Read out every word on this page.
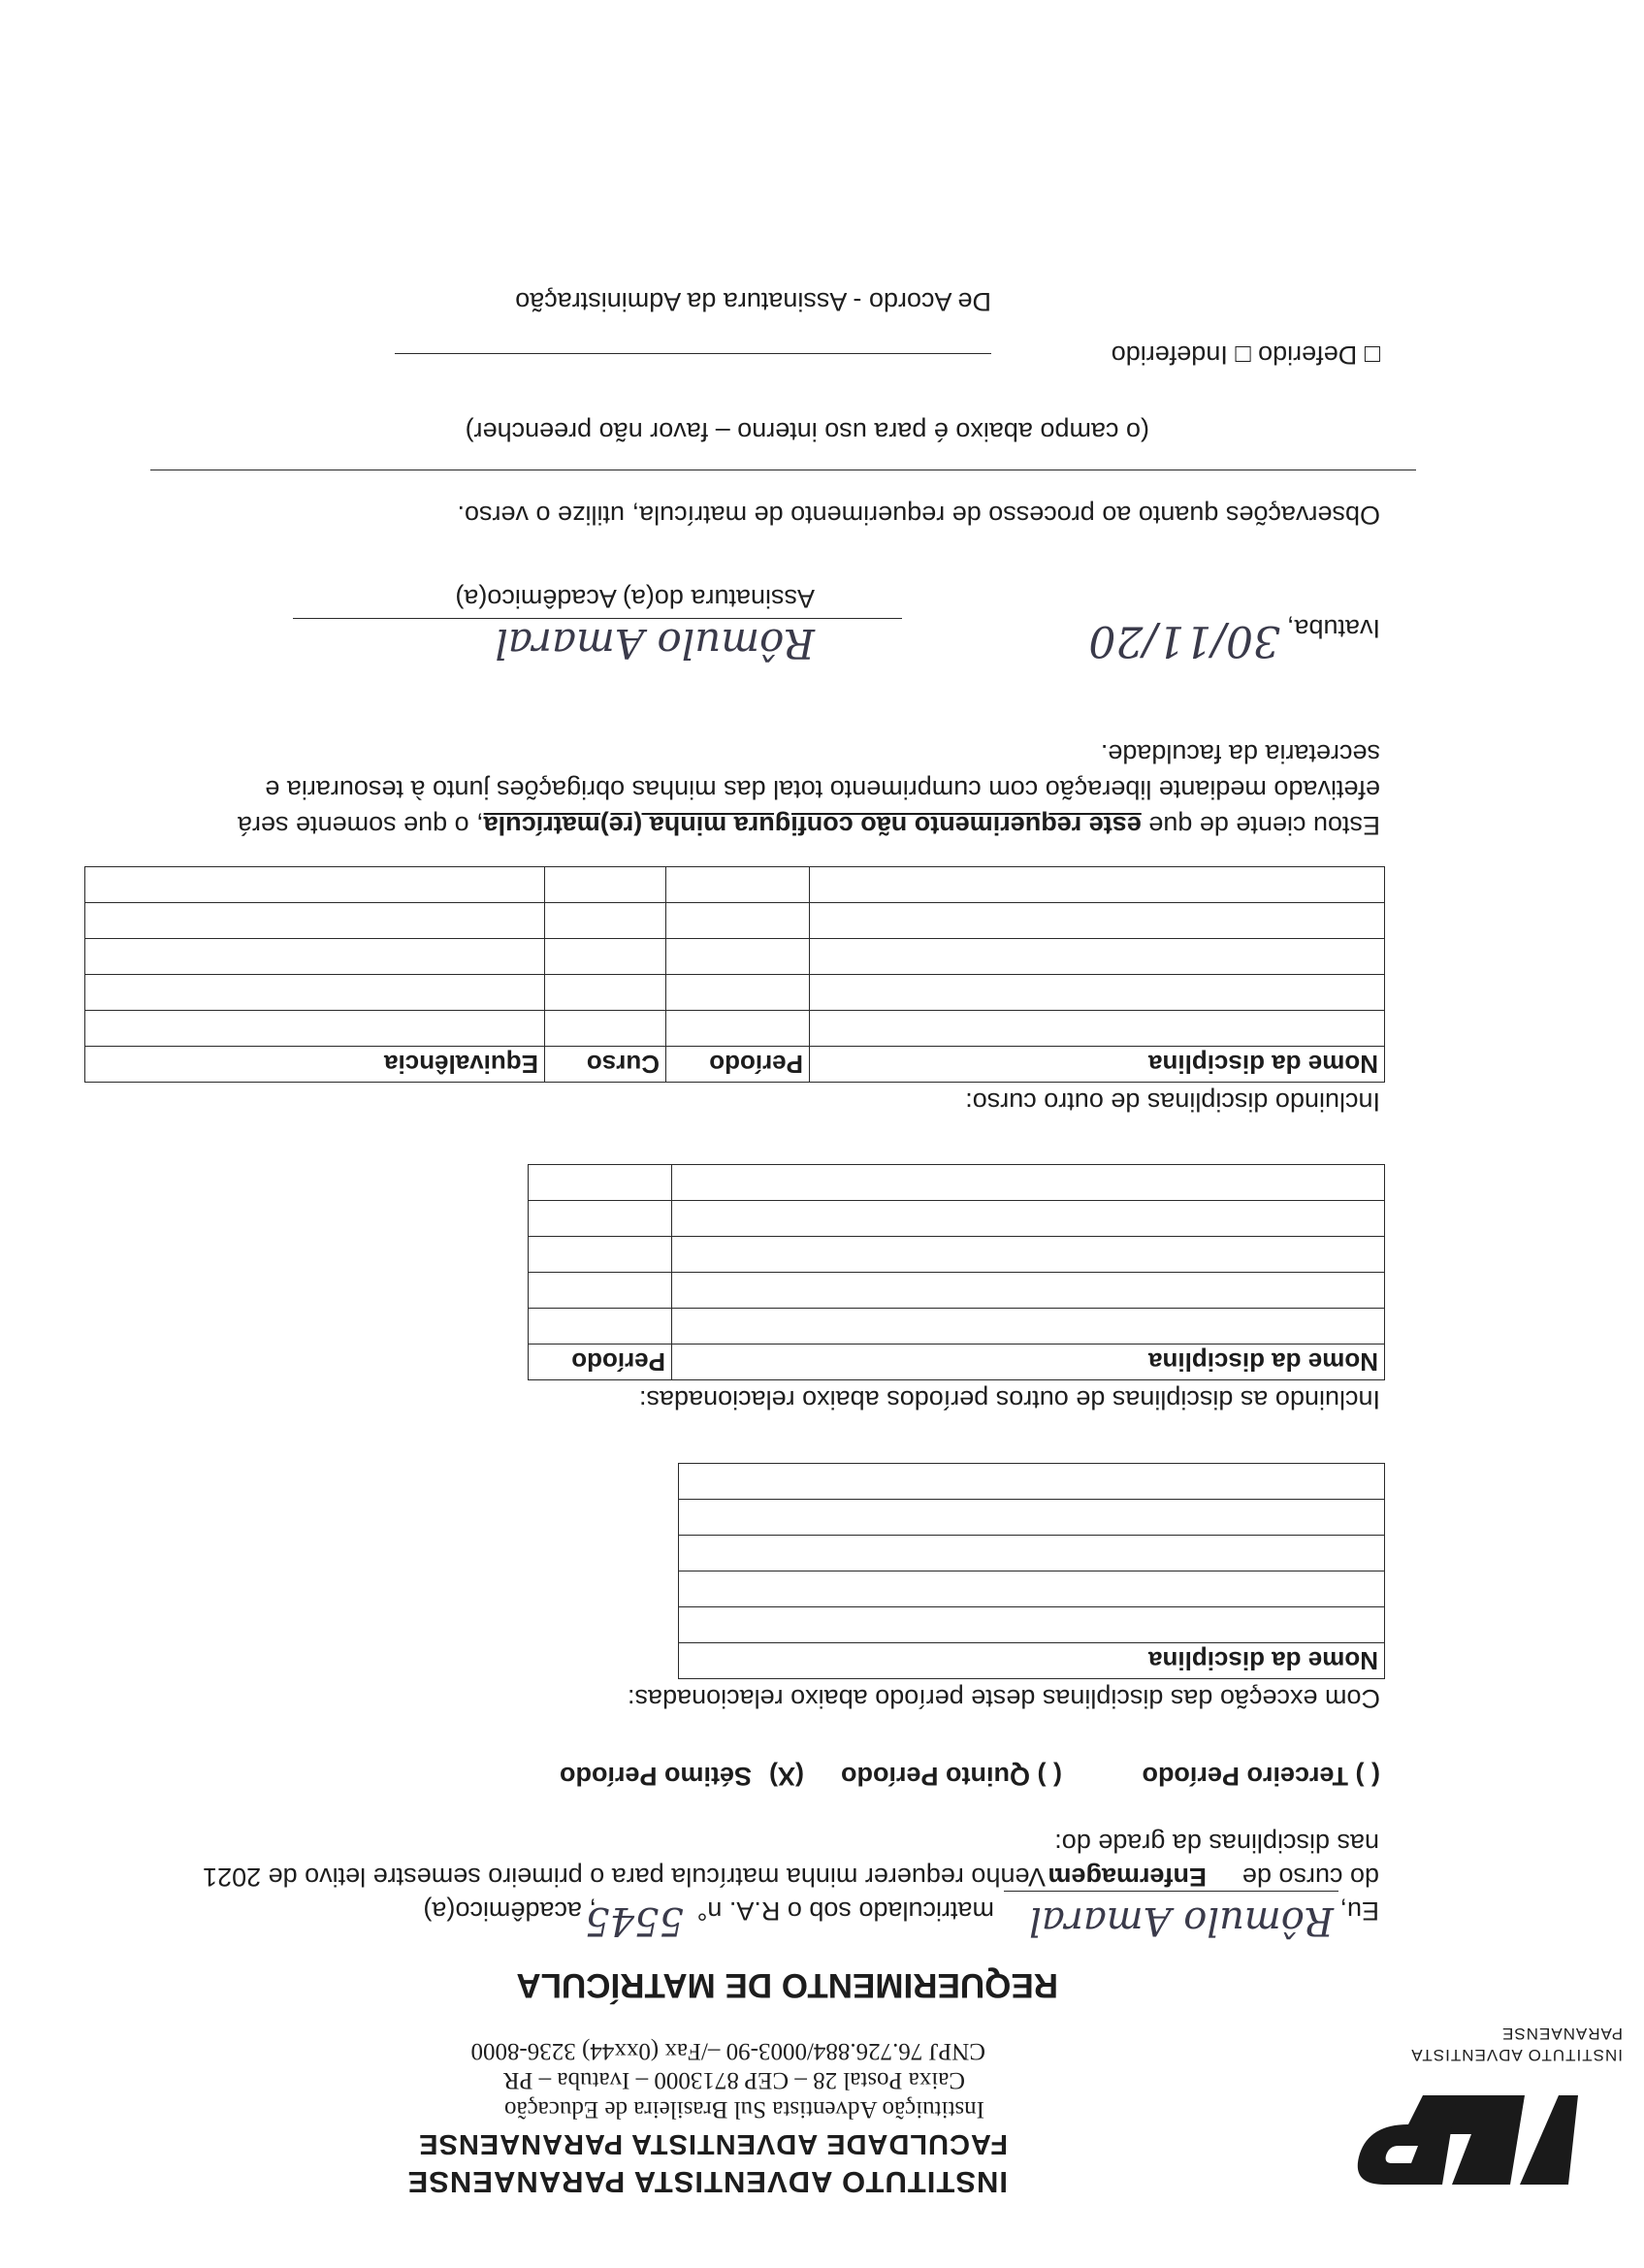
INSTITUTO ADVENTISTA
PARANAENSE
INSTITUTO ADVENTISTA PARANAENSE
FACULDADE ADVENTISTA PARANAENSE
Instituição Adventista Sul Brasileira de Educação
Caixa Postal 28 – CEP 8713000 – Ivatuba – PR
CNPJ 76.726.884/0003-90 –/Fax (0xx44) 3236-8000
REQUERIMENTO DE MATRÍCULA
Eu,
Rômulo Amaral
matriculado sob o R.A. n°
5545
, acadêmico(a)
do curso de
Enfermagem
. Venho requerer minha matrícula para o primeiro semestre letivo de 2021
nas disciplinas da grade do:
( ) Terceiro Período
( ) Quinto Período
(X)
Sétimo Período
Com exceção das disciplinas deste período abaixo relacionadas:
Nome da disciplina

Incluindo as disciplinas de outros períodos abaixo relacionadas:
Nome da disciplina	Período

Incluindo disciplinas de outro curso:
Nome da disciplina	Período	Curso	Equivalência

Estou ciente de que este requerimento não configura minha (re)matrícula, o que somente será
efetivado mediante liberação com cumprimento total das minhas obrigações junto à tesouraria e
secretaria da faculdade.
Ivatuba,
30/11/20
Rômulo Amaral
Assinatura do(a) Acadêmico(a)
Observações quanto ao processo de requerimento de matrícula, utilize o verso.
(o campo abaixo é para uso interno – favor não preencher)
□ Deferido □ Indeferido
De Acordo - Assinatura da Administração
